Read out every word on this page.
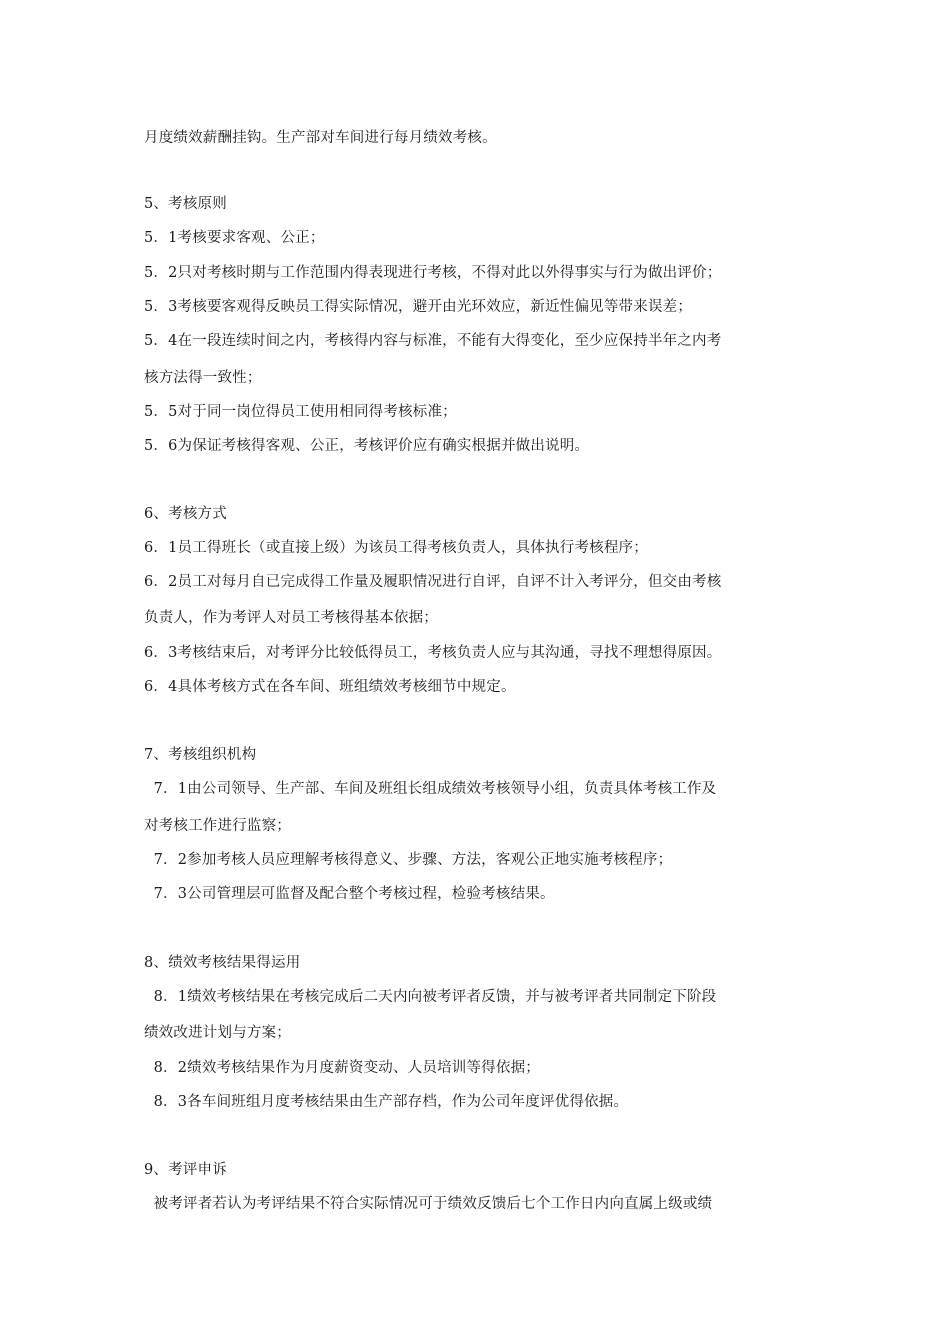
月度绩效薪酬挂钩。生产部对车间进行每月绩效考核。
5、考核原则
5．1考核要求客观、公正；
5．2只对考核时期与工作范围内得表现进行考核，不得对此以外得事实与行为做出评价；
5．3考核要客观得反映员工得实际情况，避开由光环效应，新近性偏见等带来误差；
5．4在一段连续时间之内，考核得内容与标准，不能有大得变化，至少应保持半年之内考
核方法得一致性；
5．5对于同一岗位得员工使用相同得考核标准；
5．6为保证考核得客观、公正，考核评价应有确实根据并做出说明。
6、考核方式
6．1员工得班长（或直接上级）为该员工得考核负责人，具体执行考核程序；
6．2员工对每月自已完成得工作量及履职情况进行自评，自评不计入考评分，但交由考核
负责人，作为考评人对员工考核得基本依据；
6．3考核结束后，对考评分比较低得员工，考核负责人应与其沟通，寻找不理想得原因。
6．4具体考核方式在各车间、班组绩效考核细节中规定。
7、考核组织机构
7．1由公司领导、生产部、车间及班组长组成绩效考核领导小组，负责具体考核工作及
对考核工作进行监察；
7．2参加考核人员应理解考核得意义、步骤、方法，客观公正地实施考核程序；
7．3公司管理层可监督及配合整个考核过程，检验考核结果。
8、绩效考核结果得运用
8．1绩效考核结果在考核完成后二天内向被考评者反馈，并与被考评者共同制定下阶段
绩效改进计划与方案；
8．2绩效考核结果作为月度薪资变动、人员培训等得依据；
8．3各车间班组月度考核结果由生产部存档，作为公司年度评优得依据。
9、考评申诉
被考评者若认为考评结果不符合实际情况可于绩效反馈后七个工作日内向直属上级或绩
